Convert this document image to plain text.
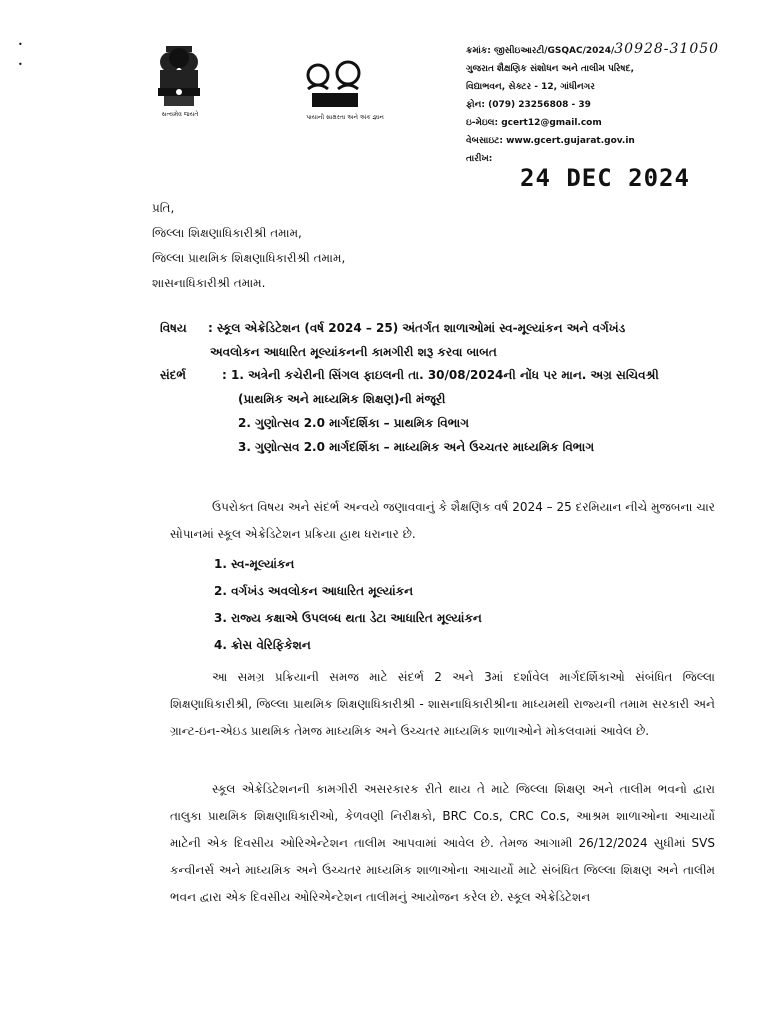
•
•
સત્યમેવ જયતે	પાયાની સાક્ષરતા અને અંક જ્ઞાન
ક્રમાંક: જીસીઇઆરટી/GSQAC/2024/30928-31050
ગુજરાત શૈક્ષણિક સંશોધન અને તાલીમ પરિષદ,
વિદ્યાભવન, સેક્ટર - 12, ગાંધીનગર
ફોન: (079) 23256808 - 39
ઇ-મેઇલ: gcert12@gmail.com
વેબસાઇટ: www.gcert.gujarat.gov.in
તારીખ:
24 DEC 2024
પ્રતિ,
જિલ્લા શિક્ષણાધિકારીશ્રી તમામ,
જિલ્લા પ્રાથમિક શિક્ષણાધિકારીશ્રી તમામ,
શાસનાધિકારીશ્રી તમામ.
વિષય	: સ્કૂલ એક્રેડિટેશન (વર્ષ 2024 – 25) અંતર્ગત શાળાઓમાં સ્વ-મૂલ્યાંકન અને વર્ગખંડ
અવલોકન આધારિત મૂલ્યાંકનની કામગીરી શરૂ કરવા બાબત
સંદર્ભ	: 1. અત્રેની કચેરીની સિંગલ ફાઇલની તા. 30/08/2024ની નોંધ પર માન. અગ્ર સચિવશ્રી
(પ્રાથમિક અને માધ્યમિક શિક્ષણ)ની મંજૂરી
2. ગુણોત્સવ 2.0 માર્ગદર્શિકા – પ્રાથમિક વિભાગ
3. ગુણોત્સવ 2.0 માર્ગદર્શિકા – માધ્યમિક અને ઉચ્ચતર માધ્યમિક વિભાગ
ઉપરોક્ત વિષય અને સંદર્ભ અન્વયે જણાવવાનું કે શૈક્ષણિક વર્ષ 2024 – 25 દરમિયાન નીચે મુજબના ચાર સોપાનમાં સ્કૂલ એક્રેડિટેશન પ્રક્રિયા હાથ ધરાનાર છે.
1. સ્વ-મૂલ્યાંકન
2. વર્ગખંડ અવલોકન આધારિત મૂલ્યાંકન
3. રાજ્ય કક્ષાએ ઉપલબ્ધ થતા ડેટા આધારિત મૂલ્યાંકન
4. ક્રોસ વેરિફિકેશન
આ સમગ્ર પ્રક્રિયાની સમજ માટે સંદર્ભ 2 અને 3માં દર્શાવેલ માર્ગદર્શિકાઓ સંબંધિત જિલ્લા શિક્ષણાધિકારીશ્રી, જિલ્લા પ્રાથમિક શિક્ષણાધિકારીશ્રી - શાસનાધિકારીશ્રીના માધ્યમથી રાજ્યની તમામ સરકારી અને ગ્રાન્ટ-ઇન-એઇડ પ્રાથમિક તેમજ માધ્યમિક અને ઉચ્ચતર માધ્યમિક શાળાઓને મોકલવામાં આવેલ છે.
સ્કૂલ એક્રેડિટેશનની કામગીરી અસરકારક રીતે થાય તે માટે જિલ્લા શિક્ષણ અને તાલીમ ભવનો દ્વારા તાલુકા પ્રાથમિક શિક્ષણાધિકારીઓ, કેળવણી નિરીક્ષકો, BRC Co.s, CRC Co.s, આશ્રમ શાળાઓના આચાર્યો માટેની એક દિવસીય ઓરિએન્ટેશન તાલીમ આપવામાં આવેલ છે. તેમજ આગામી 26/12/2024 સુધીમાં SVS કન્વીનર્સ અને માધ્યમિક અને ઉચ્ચતર માધ્યમિક શાળાઓના આચાર્યો માટે સંબંધિત જિલ્લા શિક્ષણ અને તાલીમ ભવન દ્વારા એક દિવસીય ઓરિએન્ટેશન તાલીમનું આયોજન કરેલ છે. સ્કૂલ એક્રેડિટેશન
